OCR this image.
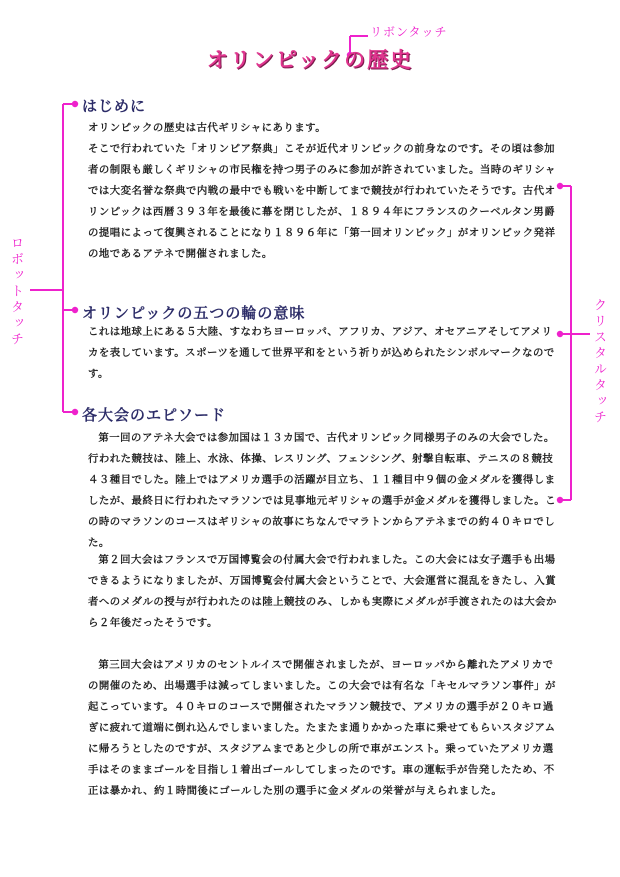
リボンタッチ
ロボットタッチ
クリスタルタッチ
オリンピックの歴史
はじめに

オリンピックの歴史は古代ギリシャにあります。
そこで行われていた「オリンピア祭典」こそが近代オリンピックの前身なのです。その頃は参加者の制限も厳しくギリシャの市民権を持つ男子のみに参加が許されていました。当時のギリシャでは大変名誉な祭典で内戦の最中でも戦いを中断してまで競技が行われていたそうです。古代オリンピックは西暦３９３年を最後に幕を閉じしたが、１８９４年にフランスのクーベルタン男爵の提唱によって復興されることになり１８９６年に「第一回オリンピック」がオリンピック発祥の地であるアテネで開催されました。

オリンピックの五つの輪の意味

これは地球上にある５大陸、すなわちヨーロッパ、アフリカ、アジア、オセアニアそしてアメリカを表しています。スポーツを通して世界平和をという祈りが込められたシンボルマークなのです。

各大会のエピソード

第一回のアテネ大会では参加国は１３カ国で、古代オリンピック同様男子のみの大会でした。行われた競技は、陸上、水泳、体操、レスリング、フェンシング、射撃自転車、テニスの８競技４３種目でした。陸上ではアメリカ選手の活躍が目立ち、１１種目中９個の金メダルを獲得しましたが、最終日に行われたマラソンでは見事地元ギリシャの選手が金メダルを獲得しました。この時のマラソンのコースはギリシャの故事にちなんでマラトンからアテネまでの約４０キロでした。

第２回大会はフランスで万国博覧会の付属大会で行われました。この大会には女子選手も出場できるようになりましたが、万国博覧会付属大会ということで、大会運営に混乱をきたし、入賞者へのメダルの授与が行われたのは陸上競技のみ、しかも実際にメダルが手渡されたのは大会から２年後だったそうです。

第三回大会はアメリカのセントルイスで開催されましたが、ヨーロッパから離れたアメリカでの開催のため、出場選手は減ってしまいました。この大会では有名な「キセルマラソン事件」が起こっています。４０キロのコースで開催されたマラソン競技で、アメリカの選手が２０キロ過ぎに疲れて道端に倒れ込んでしまいました。たまたま通りかかった車に乗せてもらいスタジアムに帰ろうとしたのですが、スタジアムまであと少しの所で車がエンスト。乗っていたアメリカ選手はそのままゴールを目指し１着出ゴールしてしまったのです。車の運転手が告発したため、不正は暴かれ、約１時間後にゴールした別の選手に金メダルの栄誉が与えられました。
